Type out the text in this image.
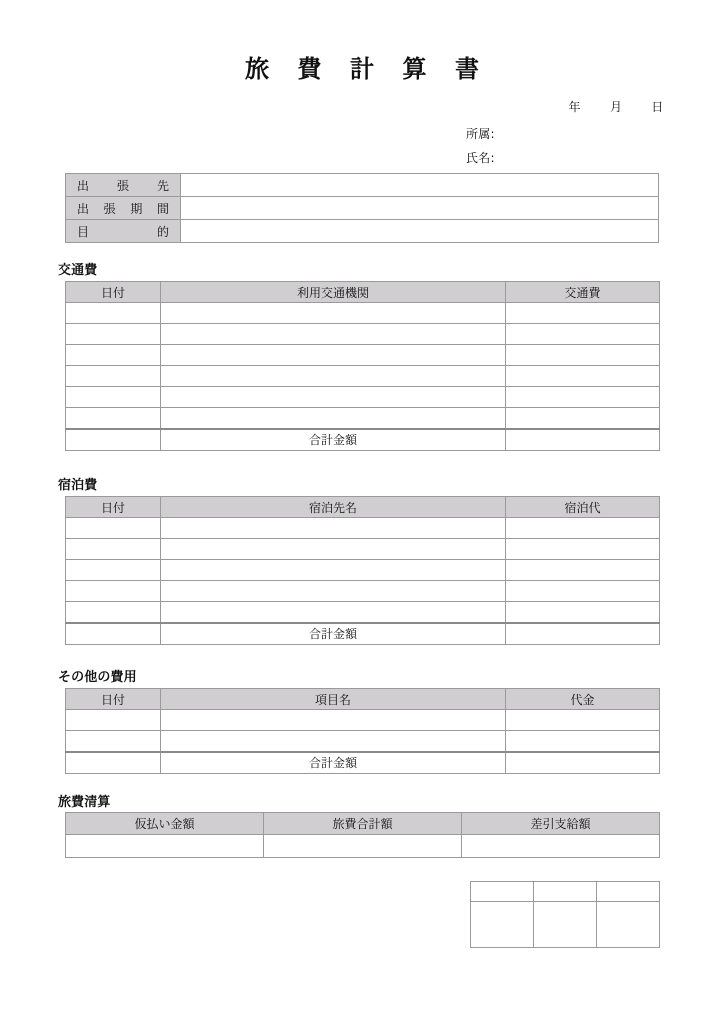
旅 費 計 算 書
年 月 日
所属:
氏名:
出張先	
出張期間	
目的	
交通費
日付	利用交通機関	交通費

	合計金額	
宿泊費
日付	宿泊先名	宿泊代

	合計金額	
その他の費用
日付	項目名	代金

	合計金額	
旅費清算
仮払い金額	旅費合計額	差引支給額
